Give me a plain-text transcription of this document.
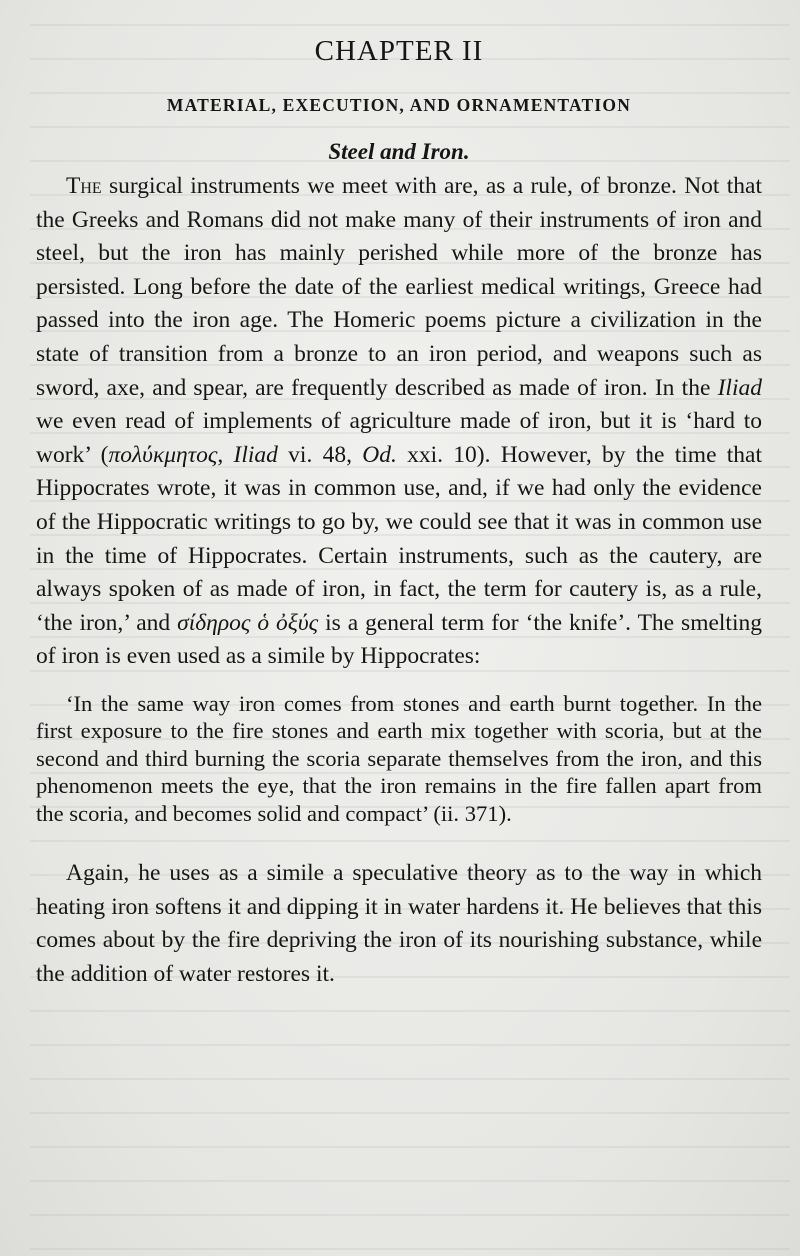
CHAPTER II
MATERIAL, EXECUTION, AND ORNAMENTATION
Steel and Iron.

The surgical instruments we meet with are, as a rule, of bronze. Not that the Greeks and Romans did not make many of their instruments of iron and steel, but the iron has mainly perished while more of the bronze has persisted. Long before the date of the earliest medical writings, Greece had passed into the iron age. The Homeric poems picture a civilization in the state of transition from a bronze to an iron period, and weapons such as sword, axe, and spear, are frequently described as made of iron. In the Iliad we even read of implements of agriculture made of iron, but it is ‘hard to work’ (πολύκμητος, Iliad vi. 48, Od. xxi. 10). However, by the time that Hippocrates wrote, it was in common use, and, if we had only the evidence of the Hippocratic writings to go by, we could see that it was in common use in the time of Hippocrates. Certain instruments, such as the cautery, are always spoken of as made of iron, in fact, the term for cautery is, as a rule, ‘the iron,’ and σίδηρος ὁ ὀξύς is a general term for ‘the knife’. The smelting of iron is even used as a simile by Hippocrates:

‘In the same way iron comes from stones and earth burnt together. In the first exposure to the fire stones and earth mix together with scoria, but at the second and third burning the scoria separate themselves from the iron, and this phenomenon meets the eye, that the iron remains in the fire fallen apart from the scoria, and becomes solid and compact’ (ii. 371).

Again, he uses as a simile a speculative theory as to the way in which heating iron softens it and dipping it in water hardens it. He believes that this comes about by the fire depriving the iron of its nourishing substance, while the addition of water restores it.
